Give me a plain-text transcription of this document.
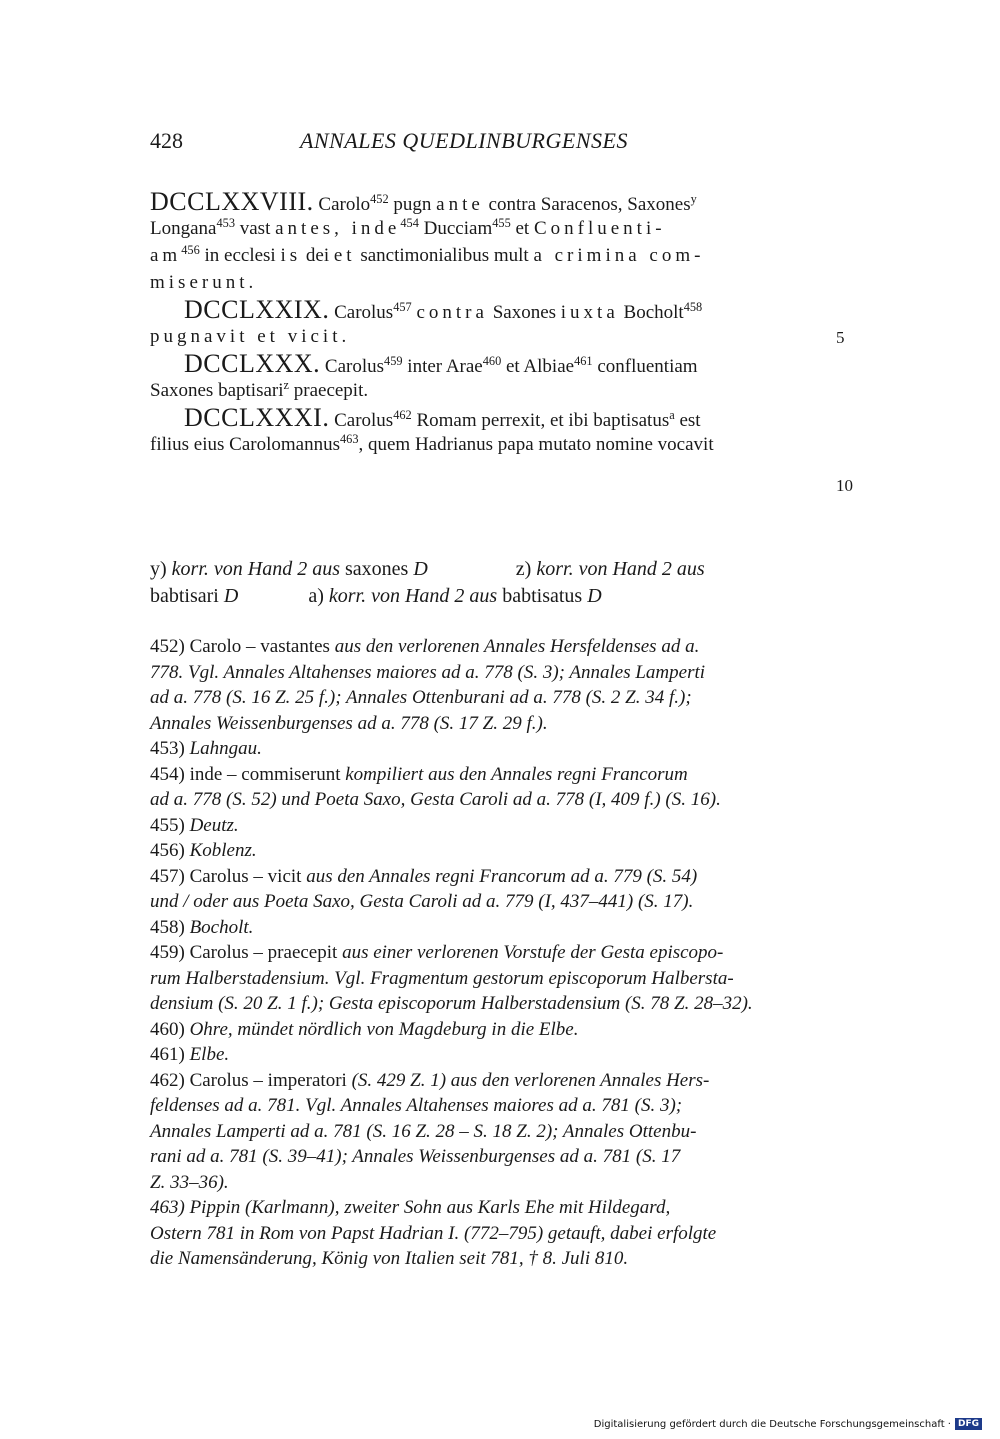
428	ANNALES QUEDLINBURGENSES
DCCLXXVIII. Carolo$^{452}$ pugn ante contra Saracenos, Saxones$^y$
Longana$^{453}$ vast antes, inde$^{454}$ Ducciam$^{455}$ et Confluenti-
$am^{456}$ in ecclesi is dei et sanctimonialibus mult a crimina com-
miserunt.
DCCLXXIX. Carolus$^{457}$ contra Saxones iuxta Bocholt$^{458}$
pugnavit et vicit.
DCCLXXX. Carolus$^{459}$ inter Arae$^{460}$ et Albiae$^{461}$ confluentiam
Saxones baptisari$^z$ praecepit.
DCCLXXXI. Carolus$^{462}$ Romam perrexit, et ibi baptisatus$^a$ est
filius eius Carolomannus$^{463}$, quem Hadrianus papa mutato nomine vocavit
5
10
y) korr. von Hand 2 aus saxones D	z) korr. von Hand 2 aus
babtisari D	a) korr. von Hand 2 aus babtisatus D
452) Carolo – vastantes aus den verlorenen Annales Hersfeldenses ad a.
778. Vgl. Annales Altahenses maiores ad a. 778 (S. 3); Annales Lamperti
ad a. 778 (S. 16 Z. 25 f.); Annales Ottenburani ad a. 778 (S. 2 Z. 34 f.);
Annales Weissenburgenses ad a. 778 (S. 17 Z. 29 f.).
453) Lahngau.
454) inde – commiserunt kompiliert aus den Annales regni Francorum
ad a. 778 (S. 52) und Poeta Saxo, Gesta Caroli ad a. 778 (I, 409 f.) (S. 16).
455) Deutz.
456) Koblenz.
457) Carolus – vicit aus den Annales regni Francorum ad a. 779 (S. 54)
und / oder aus Poeta Saxo, Gesta Caroli ad a. 779 (I, 437–441) (S. 17).
458) Bocholt.
459) Carolus – praecepit aus einer verlorenen Vorstufe der Gesta episcopo-
rum Halberstadensium. Vgl. Fragmentum gestorum episcoporum Halbersta-
densium (S. 20 Z. 1 f.); Gesta episcoporum Halberstadensium (S. 78 Z. 28–32).
460) Ohre, mündet nördlich von Magdeburg in die Elbe.
461) Elbe.
462) Carolus – imperatori (S. 429 Z. 1) aus den verlorenen Annales Hers-
feldenses ad a. 781. Vgl. Annales Altahenses maiores ad a. 781 (S. 3);
Annales Lamperti ad a. 781 (S. 16 Z. 28 – S. 18 Z. 2); Annales Ottenbu-
rani ad a. 781 (S. 39–41); Annales Weissenburgenses ad a. 781 (S. 17
Z. 33–36).
463) Pippin (Karlmann), zweiter Sohn aus Karls Ehe mit Hildegard,
Ostern 781 in Rom von Papst Hadrian I. (772–795) getauft, dabei erfolgte
die Namensänderung, König von Italien seit 781, † 8. Juli 810.
Digitalisierung gefördert durch die Deutsche Forschungsgemeinschaft · DFG
